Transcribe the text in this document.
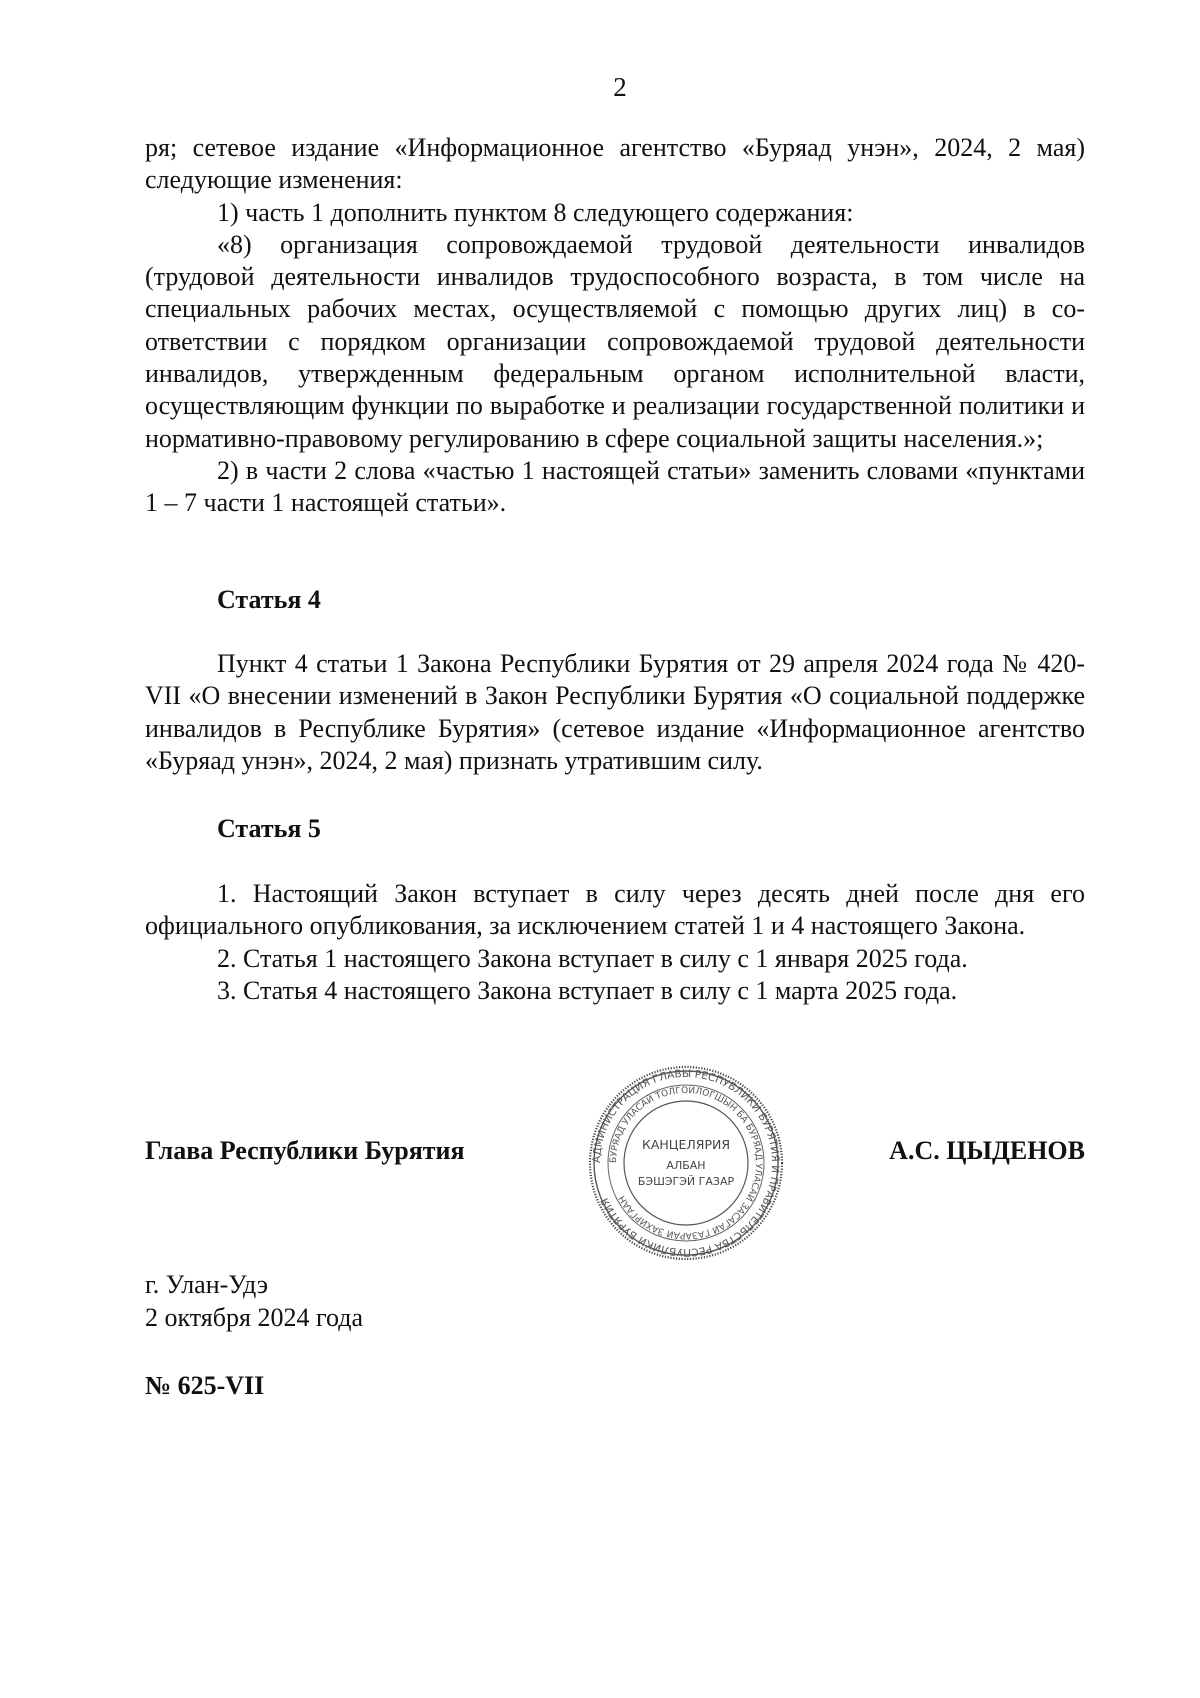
2

ря; сетевое издание «Информационное агентство «Буряад унэн», 2024, 2 мая)

следующие изменения:

1) часть 1 дополнить пунктом 8 следующего содержания:

«8) организация сопровождаемой трудовой деятельности инвалидов (трудовой деятельности инвалидов трудоспособного возраста, в том числе на специальных рабочих местах, осуществляемой с помощью других лиц) в соответствии с порядком организации сопровождаемой трудовой деятельности инвалидов, утвержденным федеральным органом исполнительной власти, осуществляющим функции по выработке и реализации государственной политики и нормативно-правовому регулированию в сфере социальной защиты населения.»;

2) в части 2 слова «частью 1 настоящей статьи» заменить словами «пунктами 1 – 7 части 1 настоящей статьи».

Статья 4

Пункт 4 статьи 1 Закона Республики Бурятия от 29 апреля 2024 года № 420-VII «О внесении изменений в Закон Республики Бурятия «О социальной поддержке инвалидов в Республике Бурятия» (сетевое издание «Информационное агентство «Буряад унэн», 2024, 2 мая) признать утратившим силу.

Статья 5

1. Настоящий Закон вступает в силу через десять дней после дня его официального опубликования, за исключением статей 1 и 4 настоящего Закона.

2. Статья 1 настоящего Закона вступает в силу с 1 января 2025 года.

3. Статья 4 настоящего Закона вступает в силу с 1 марта 2025 года.

Глава Республики Бурятия	АДМИНИСТРАЦИЯ ГЛАВЫ РЕСПУБЛИКИ БУРЯТИЯ И ПРАВИТЕЛЬСТВА РЕСПУБЛИКИ БУРЯТИЯ
БУРЯАД УЛАСАЙ ТОЛГОЙЛОГШЫН БА БУРЯАД УЛАСАЙ ЗАСАГАЙ ГАЗАРАЙ ЗАХИРГААН
КАНЦЕЛЯРИЯ
АЛБАН
БЭШЭГЭЙ ГАЗАР
А.С. ЦЫДЕНОВ
г. Улан-Удэ
2 октября 2024 года
№ 625-VII
